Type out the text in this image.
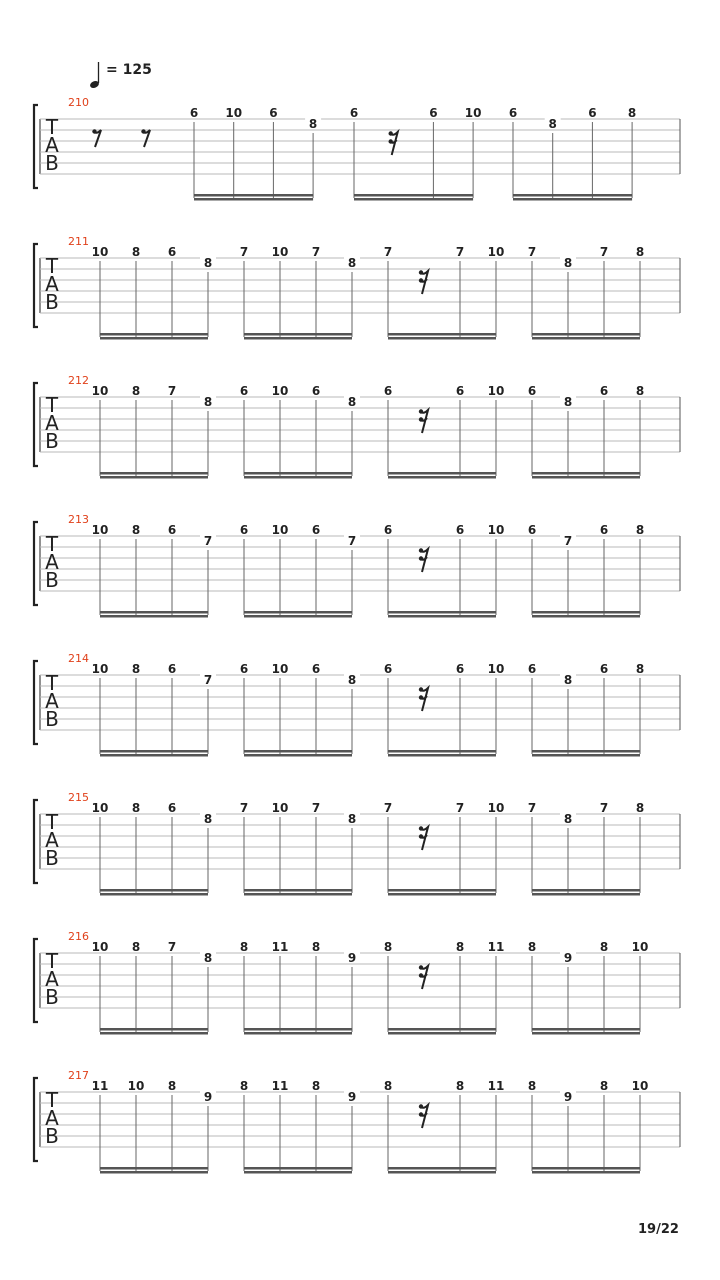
= 125
T
A
B
210
6 10 6
8
6	6 10 6
8
6	8
T
A
B
211
10 8 6
8
7 10 7
8
7	7 10 7
8
7 8
T
A
B
212
10 8 7
8
6 10 6
8
6	6 10 6
8
6 8
T
A
B
213
10 8 6
7
6 10 6
7
6	6 10 6
7
6 8
T
A
B
214
10 8 6
7
6 10 6
8
6	6 10 6
8
6 8
T
A
B
215
10 8 6
8
7 10 7
8
7	7 10 7
8
7 8
T
A
B
216
10 8 7
8
8 11 8
9
8	8 11 8
9
8 10
T
A
B
217
11 10 8
9
8 11 8
9
8	8 11 8
9
8 10
19/22
